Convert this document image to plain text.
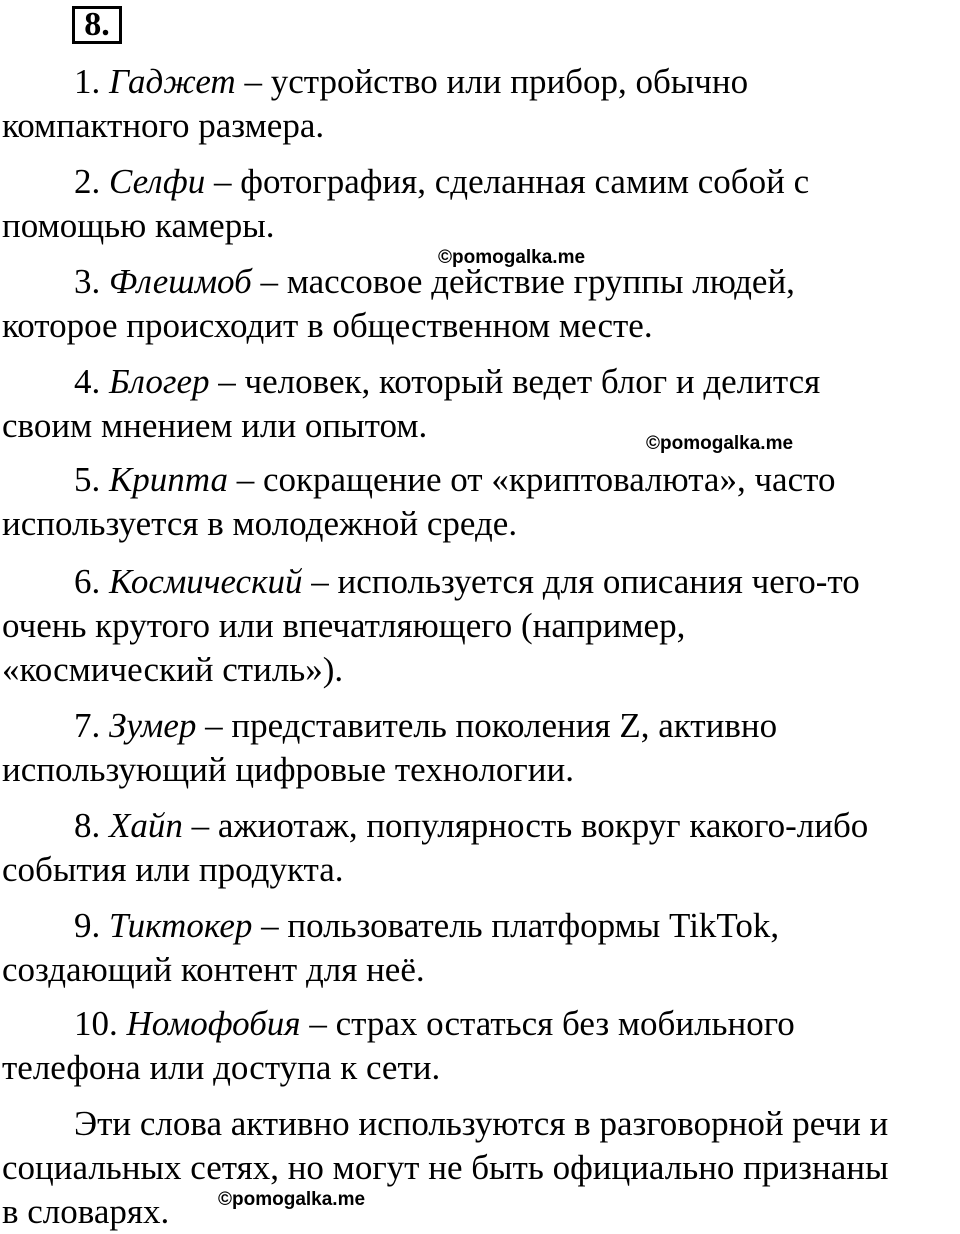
8.
1. Гаджет – устройство или прибор, обычно
компактного размера.
2. Селфи – фотография, сделанная самим собой с
помощью камеры.
©pomogalka.me
3. Флешмоб – массовое действие группы людей,
которое происходит в общественном месте.
4. Блогер – человек, который ведет блог и делится
своим мнением или опытом.	©pomogalka.me
5. Крипта – сокращение от «криптовалюта», часто
используется в молодежной среде.
6. Космический – используется для описания чего-то
очень крутого или впечатляющего (например,
«космический стиль»).
7. Зумер – представитель поколения Z, активно
использующий цифровые технологии.
8. Хайп – ажиотаж, популярность вокруг какого-либо
события или продукта.
9. Тиктокер – пользователь платформы TikTok,
создающий контент для неё.
10. Номофобия – страх остаться без мобильного
телефона или доступа к сети.
Эти слова активно используются в разговорной речи и
социальных сетях, но могут не быть официально признаны
в словарях.	©pomogalka.me
